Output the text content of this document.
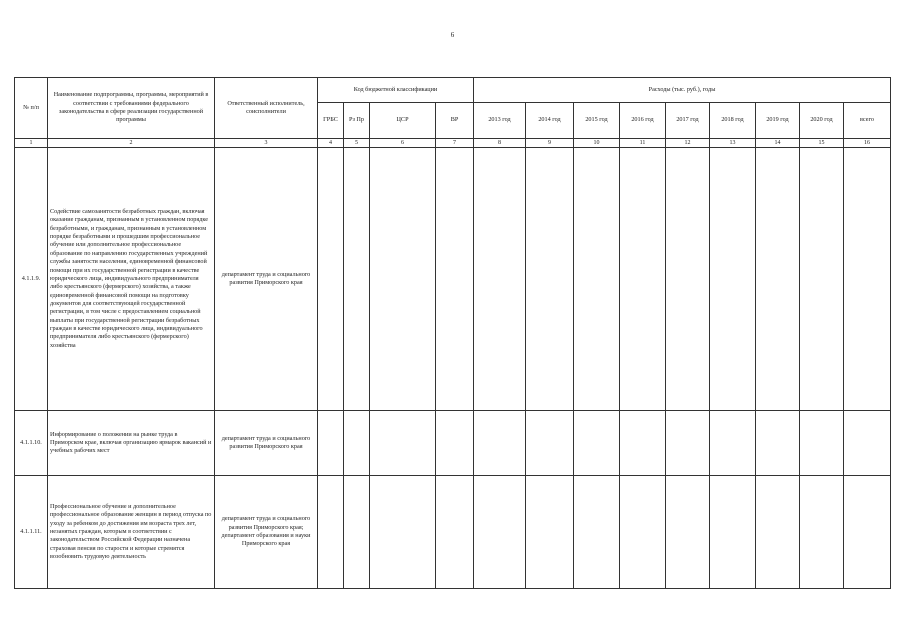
6
№ п/п	Наименование подпрограммы, программы, мероприятий в соответствии с требованиями федерального законодательства в сфере реализации государственной программы	Ответственный исполнитель, соисполнители	Код бюджетной классификации				Расходы (тыс. руб.), годы								
			ГРБС	Рз Пр	ЦСР	ВР	2013 год	2014 год	2015 год	2016 год	2017 год	2018 год	2019 год	2020 год	всего
1	2	3	4	5	6	7	8	9	10	11	12	13	14	15	16
4.1.1.9.	Содействие самозанятости безработных граждан, включая оказание гражданам, признанным в установленном порядке безработными, и гражданам, признанным в установленном порядке безработными и прошедшим профессиональное обучение или дополнительное профессиональное образование по направлению государственных учреждений службы занятости населения, единовременной финансовой помощи при их государственной регистрации в качестве юридического лица, индивидуального предпринимателя либо крестьянского (фермерского) хозяйства, а также единовременной финансовой помощи на подготовку документов для соответствующей государственной регистрации, в том числе с предоставлением социальной выплаты при государственной регистрации безработных граждан в качестве юридического лица, индивидуального предпринимателя либо крестьянского (фермерского) хозяйства	департамент труда и социального развития Приморского края													
4.1.1.10.	Информирование о положении на рынке труда в Приморском крае, включая организацию ярмарок вакансий и учебных рабочих мест	департамент труда и социального развития Приморского края													
4.1.1.11.	Профессиональное обучение и дополнительное профессиональное образование женщин в период отпуска по уходу за ребенком до достижения им возраста трех лет, незанятых граждан, которым в соответствии с законодательством Российской Федерации назначена страховая пенсия по старости и которые стремятся возобновить трудовую деятельность	департамент труда и социального развития Приморского края; департамент образования и науки Приморского края													
